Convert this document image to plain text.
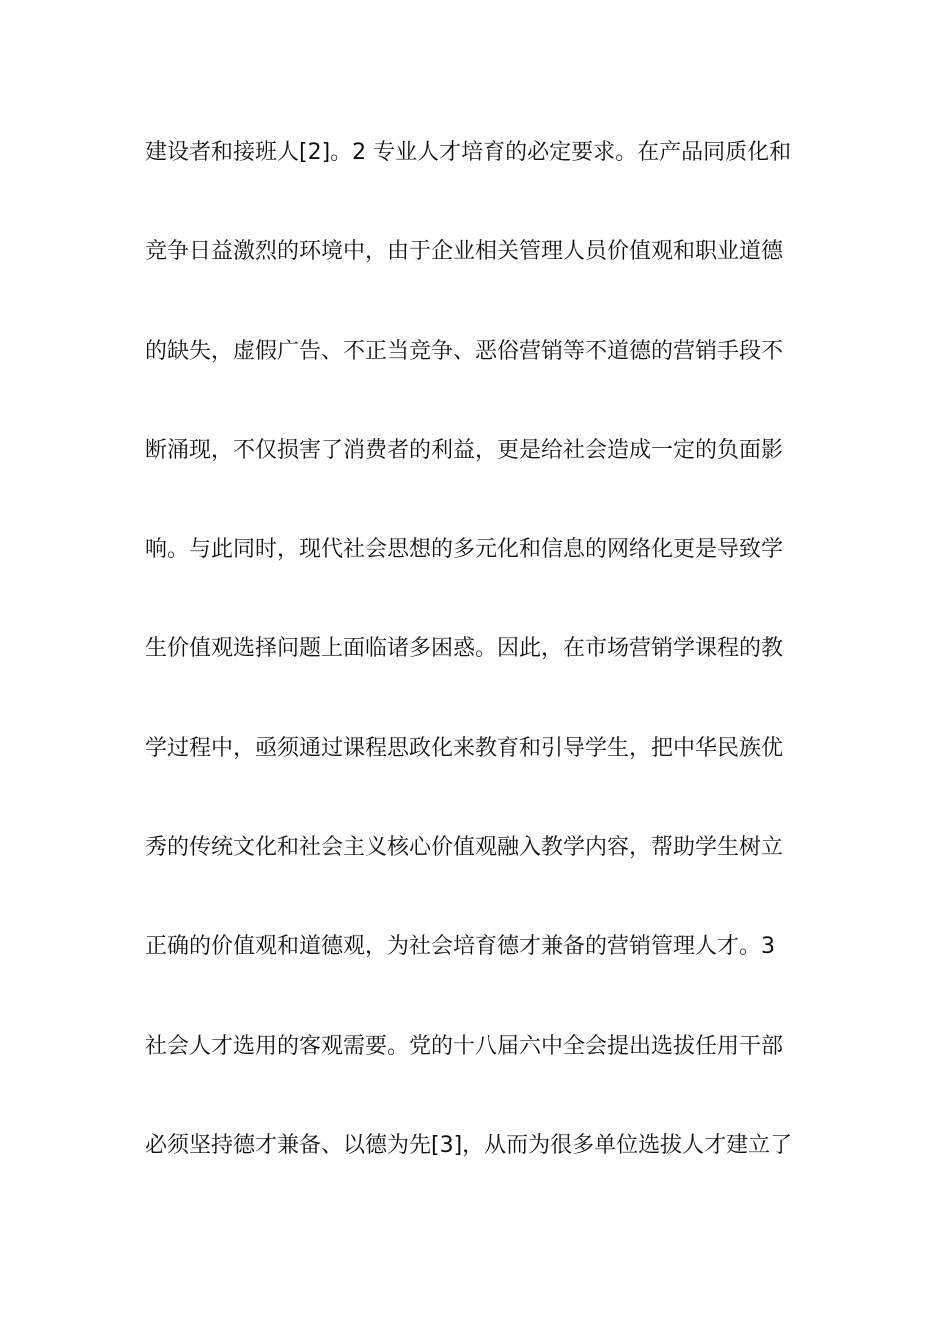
建设者和接班人[2]。2 专业人才培育的必定要求。在产品同质化和
竞争日益激烈的环境中，由于企业相关管理人员价值观和职业道德
的缺失，虚假广告、不正当竞争、恶俗营销等不道德的营销手段不
断涌现，不仅损害了消费者的利益，更是给社会造成一定的负面影
响。与此同时，现代社会思想的多元化和信息的网络化更是导致学
生价值观选择问题上面临诸多困惑。因此，在市场营销学课程的教
学过程中，亟须通过课程思政化来教育和引导学生，把中华民族优
秀的传统文化和社会主义核心价值观融入教学内容，帮助学生树立
正确的价值观和道德观，为社会培育德才兼备的营销管理人才。3
社会人才选用的客观需要。党的十八届六中全会提出选拔任用干部
必须坚持德才兼备、以德为先[3]，从而为很多单位选拔人才建立了
